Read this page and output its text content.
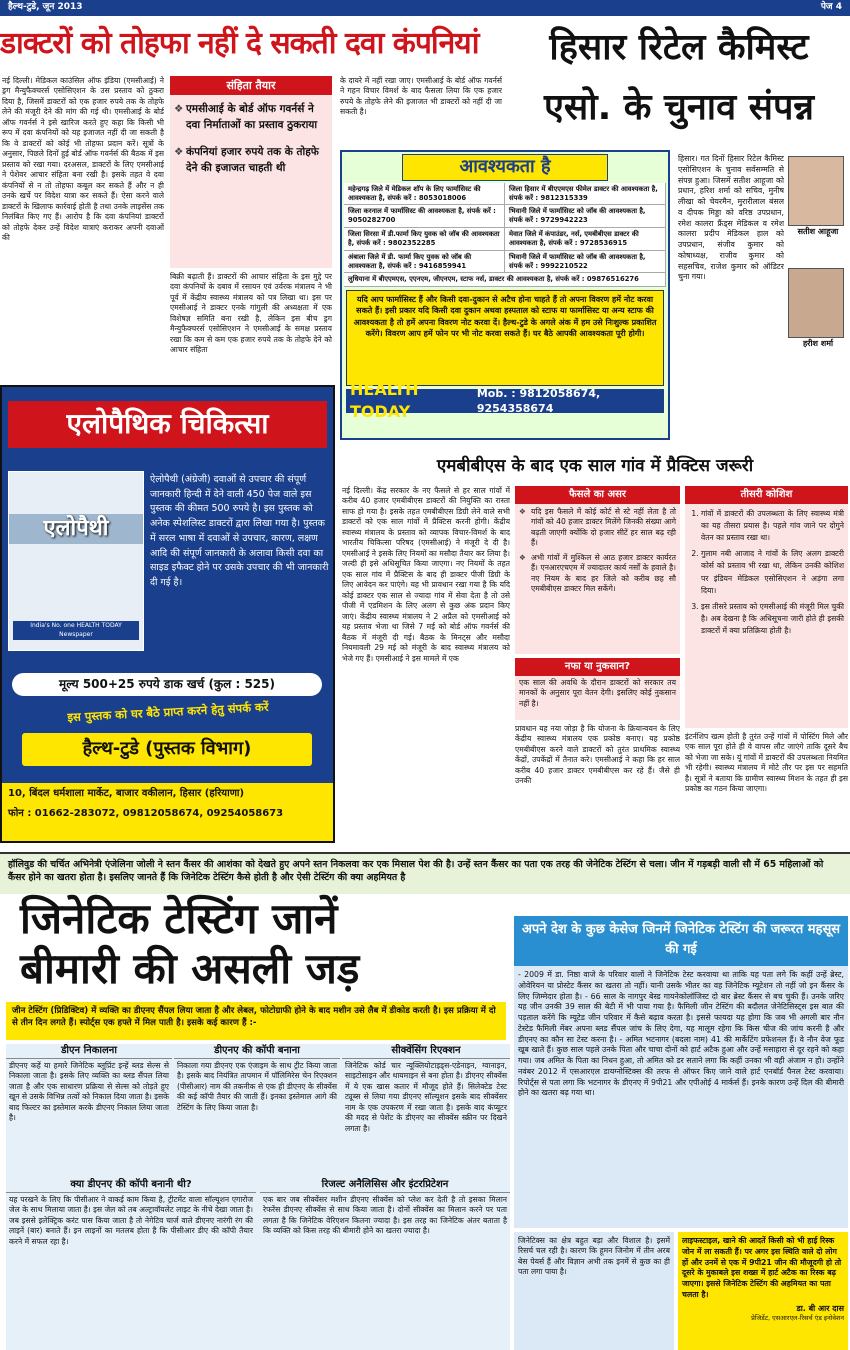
हैल्थ-टुडे, जून 2013	पेज 4
डाक्टरों को तोहफा नहीं दे सकती दवा कंपनियां
नई दिल्ली। मेडिकल काउंसिल ऑफ इंडिया (एमसीआई) ने ड्रग मैन्युफैक्चरर्स एसोसिएशन के उस प्रस्ताव को ठुकरा दिया है, जिसमें डाक्टरों को एक हजार रुपये तक के तोहफे लेने की मंजूरी देने की मांग की गई थी। एमसीआई के बोर्ड ऑफ गवर्नर्स ने इसे खारिज करते हुए कहा कि किसी भी रूप में दवा कंपनियों को यह इजाजत नहीं दी जा सकती है कि वे डाक्टरों को कोई भी तोहफा प्रदान करें। सूत्रों के अनुसार, पिछले दिनों हुई बोर्ड ऑफ गवर्नर्स की बैठक में इस प्रस्ताव को रखा गया। दरअसल, डाक्टरों के लिए एमसीआई ने पेशेवर आचार संहिता बना रखी है। इसके तहत वे दवा कंपनियों से न तो तोहफा कबूल कर सकते हैं और न ही उनके खर्चे पर विदेश यात्रा कर सकते हैं। ऐसा करने वाले डाक्टरों के खिलाफ कार्रवाई होती है तथा उनके लाइसेंस तक निलंबित किए गए हैं। आरोप है कि दवा कंपनियां डाक्टरों को तोहफे देकर उन्हें विदेश यात्राएं कराकर अपनी दवाओं की
संहिता तैयार
❖ एमसीआई के बोर्ड ऑफ गवर्नर्स ने दवा निर्माताओं का प्रस्ताव ठुकराया
❖ कंपनियां हजार रुपये तक के तोहफे देने की इजाजत चाहती थी
बिक्री बढ़ाती हैं। डाक्टरों की आचार संहिता के इस मुद्दे पर दवा कंपनियों के दबाव में रसायन एवं उर्वरक मंत्रालय ने भी पूर्व में केंद्रीय स्वास्थ्य मंत्रालय को पत्र लिखा था। इस पर एमसीआई ने डाक्टर एनके गांगुली की अध्यक्षता में एक विशेषज्ञ समिति बना रखी है, लेकिन इस बीच ड्रग मैन्युफैक्चरर्स एसोसिएशन ने एमसीआई के समक्ष प्रस्ताव रखा कि कम से कम एक हजार रुपये तक के तोहफे देने को आचार संहिता
के दायरे में नहीं रखा जाए। एमसीआई के बोर्ड ऑफ गवर्नर्स ने गहन विचार विमर्श के बाद फैसला लिया कि एक हजार रुपये के तोहफे लेने की इजाजत भी डाक्टरों को नहीं दी जा सकती है।
आवश्यकता है
महेन्द्रगढ़ जिले में मेडिकल शॉप के लिए फार्मासिस्ट की आवश्यकता है, संपर्क करें : 8053018006
जिला हिसार में बीएएमएस फीमेल डाक्टर की आवश्यकता है, संपर्क करें : 9812315339
जिला करनाल में फार्मासिस्ट की आवश्यकता है, संपर्क करें : 9050282700
भिवानी जिले में फार्मासिस्ट को जॉब की आवश्यकता है, संपर्क करें : 9729942223
जिला सिरसा में डी.फार्मा किए युवक को जॉब की आवश्यकता है, संपर्क करें : 9802352285
मेवात जिले में कंपाउंडर, नर्स, एमबीबीएस डाक्टर की आवश्यकता है, संपर्क करें : 9728536915
अंबाला जिले में डी. फार्मा किए युवक को जॉब की आवश्यकता है, संपर्क करें : 9416859941
भिवानी जिले में फार्मासिस्ट को जॉब की आवश्यकता है, संपर्क करें : 9992210522
लुधियाना में बीएएमएस, एएनएम, जीएनएम, स्टाफ नर्स, डाक्टर की आवश्यकता है, संपर्क करें : 09876516276
यदि आप फार्मासिस्ट हैं और किसी दवा-दुकान से अटैच होना चाहते हैं तो अपना विवरण हमें नोट करवा सकते हैं। इसी प्रकार यदि किसी दवा दुकान अथवा हस्पताल को स्टाफ या फार्मासिस्ट या अन्य स्टाफ की आवश्यकता है तो हमें अपना विवरण नोट करवा दें। हैल्थ-टुडे के अगले अंक में हम उसे निःशुल्क प्रकाशित करेंगे। विवरण आप हमें फोन पर भी नोट करवा सकते हैं। घर बैठे आपकी आवश्यकता पूरी होगी।
HEALTH TODAY
Mob. : 9812058674, 9254358674
हिसार रिटेल कैमिस्ट
एसो. के चुनाव संपन्न
हिसार। गत दिनों हिसार रिटेल कैमिस्ट एसोसिएशन के चुनाव सर्वसम्मति से संपन्न हुआ। जिसमें सतीश आहूजा को प्रधान, हरिश शर्मा को सचिव, मुनीष लीखा को चेयरमैन, मुरारीलाल बंसल व दीपक मिड्डा को वरिष्ठ उपप्रधान, रमेश कालरा फ्रैंड्स मेडिकल व रमेश कालरा प्रदीप मेडिकल हाल को उपप्रधान, संजीव कुमार को कोषाध्यक्ष, राजीव कुमार को सहसचिव, राजेश कुमार को ऑडिटर चुना गया।
सतीश आहूजा
हरीश शर्मा
एलोपैथिक चिकित्सा
एलोपैथी
India's No. one HEALTH TODAY Newspaper
ऐलोपैथी (अंग्रेजी) दवाओं से उपचार की संपूर्ण जानकारी हिन्दी में देने वाली 450 पेज वाले इस पुस्तक की कीमत 500 रुपये है। इस पुस्तक को अनेक स्पेशलिस्ट डाक्टरों द्वारा लिखा गया है। पुस्तक में सरल भाषा में दवाओं से उपचार, कारण, लक्षण आदि की संपूर्ण जानकारी के अलावा किसी दवा का साइड इफैक्ट होने पर उसके उपचार की भी जानकारी दी गई है।
मूल्य 500+25 रुपये डाक खर्च (कुल : 525)
इस पुस्तक को घर बैठे प्राप्त करने हेतु संपर्क करें
हैल्थ-टुडे (पुस्तक विभाग)
10, बिंदल धर्मशाला मार्केट, बाजार वकीलान, हिसार (हरियाणा)
फोन : 01662-283072, 09812058674, 09254058673
एमबीबीएस के बाद एक साल गांव में प्रैक्टिस जरूरी
नई दिल्ली। केंद्र सरकार के नए फैसले से हर साल गांवों में करीब 40 हजार एमबीबीएस डाक्टरों की नियुक्ति का रास्ता साफ हो गया है। इसके तहत एमबीबीएस डिग्री लेने वाले सभी डाक्टरों को एक साल गांवों में प्रैक्टिस करनी होगी। केंद्रीय स्वास्थ्य मंत्रालय के प्रस्ताव को व्यापक विचार-विमर्श के बाद भारतीय चिकित्सा परिषद (एमसीआई) ने मंजूरी दे दी है। एमसीआई ने इसके लिए नियमों का मसौदा तैयार कर लिया है। जल्दी ही इसे अधिसूचित किया जाएगा। नए नियमों के तहत एक साल गांव में प्रैक्टिस के बाद ही डाक्टर पीजी डिग्री के लिए आवेदन कर पाएंगे। यह भी प्रावधान रखा गया है कि यदि कोई डाक्टर एक साल से ज्यादा गांव में सेवा देता है तो उसे पीजी में एडमिशन के लिए अलग से कुछ अंक प्रदान किए जाएं। केंद्रीय स्वास्थ्य मंत्रालय ने 2 अप्रैल को एमसीआई को यह प्रस्ताव भेजा था जिसे 7 मई को बोर्ड ऑफ गवर्नर्स की बैठक में मंजूरी दी गई। बैठक के मिनट्स और मसौदा नियमावली 29 मई को मंजूरी के बाद स्वास्थ्य मंत्रालय को भेजे गए हैं। एमसीआई ने इस मामले में एक
फैसले का असर
❖ यदि इस फैसले में कोई कोर्ट से स्टे नहीं लेता है तो गांवों को 40 हजार डाक्टर मिलेंगे जिनकी संख्या आगे बढ़ती जाएगी क्योंकि दो हजार सीटें हर साल बढ़ रही हैं।
❖ अभी गांवों में मुश्किल से आठ हजार डाक्टर कार्यरत हैं। एनआरएचएम में ज्यादातर कार्य नर्सों के हवाले है। नए नियम के बाद हर जिले को करीब छह सौ एमबीबीएस डाक्टर मिल सकेंगे।
नफा या नुकसान?
एक साल की अवधि के दौरान डाक्टरों को सरकार तय मानकों के अनुसार पूरा वेतन देगी। इसलिए कोई नुकसान नहीं है।
प्रावधान यह नया जोड़ा है कि योजना के क्रियान्वयन के लिए केंद्रीय स्वास्थ्य मंत्रालय एक प्रकोष्ठ बनाए। यह प्रकोष्ठ एमबीबीएस करने वाले डाक्टरों को तुरंत प्राथमिक स्वास्थ्य केंद्रों, उपकेंद्रों में तैनात करे। एमसीआई ने कहा कि हर साल करीब 40 हजार डाक्टर एमबीबीएस कर रहे हैं। जैसे ही उनकी
तीसरी कोशिश
1. गांवों में डाक्टरों की उपलब्धता के लिए स्वास्थ्य मंत्री का यह तीसरा प्रयास है। पहले गांव जाने पर दोगुने वेतन का प्रस्ताव रखा था।
2. गुलाम नबी आजाद ने गांवों के लिए अलग डाक्टरी कोर्स को प्रस्ताव भी रखा था, लेकिन उनकी कोशिश पर इंडियन मेडिकल एसोसिएशन ने अड़ंगा लगा दिया।
3. इस तीसरे प्रस्ताव को एमसीआई की मंजूरी मिल चुकी है। अब देखना है कि अधिसूचना जारी होते ही इसकी डाक्टरों में क्या प्रतिक्रिया होती है।
इंटर्नशिप खत्म होती है तुरंत उन्हें गांवों में पोस्टिंग मिले और एक साल पूरा होते ही वे वापस लौट जाएंगे ताकि दूसरे बैच को भेजा जा सके। यूं गांवों में डाक्टरों की उपलब्धता नियमित भी रहेगी। स्वास्थ्य मंत्रालय में मोटे तौर पर इस पर सहमति है। सूत्रों ने बताया कि ग्रामीण स्वास्थ्य मिशन के तहत ही इस प्रकोष्ठ का गठन किया जाएगा।
हॉलिवुड की चर्चित अभिनेत्री एंजेलिना जोली ने स्तन कैंसर की आशंका को देखते हुए अपने स्तन निकलवा कर एक मिसाल पेश की है। उन्हें स्तन कैंसर का पता एक तरह की जेनेटिक टेस्टिंग से चला। जीन में गड़बड़ी वाली सौ में 65 महिलाओं को कैंसर होने का खतरा होता है। इसलिए जानते हैं कि जिनेटिक टेस्टिंग कैसे होती है और ऐसी टेस्टिंग की क्या अहमियत है
जिनेटिक टेस्टिंग जानें
बीमारी की असली जड़
जीन टेस्टिंग (प्रिडिक्टिव) में व्यक्ति का डीएनए सैंपल लिया जाता है और लेबल, फोटोग्राफी होने के बाद मशीन उसे लैब में डीकोड करती है। इस प्रक्रिया में दो से तीन दिन लगते हैं। स्पोर्ट्स एक हफ्ते में मिल पाती है। इसके कई कारण हैं :-
डीएन निकालना
डीएनए कहें या हमारे जिनेटिक ब्लूप्रिंट इन्हें ब्लड सेल्स से निकाला जाता है। इसके लिए व्यक्ति का ब्लड सैंपल लिया जाता है और एक साधारण प्रक्रिया से सेल्स को तोड़ते हुए खून से उसके विभिन्न तत्वों को निकाल दिया जाता है। इसके बाद फिल्टर का इस्तेमाल करके डीएनए निकाल लिया जाता है।
डीएनए की कॉपी बनाना
निकाला गया डीएनए एक एंजाइम के साथ ट्रीट किया जाता है। इसके बाद नियंत्रित तापमान में पॉलिमिरेस चेन रिएक्शन (पीसीआर) नाम की तकनीक से एक ही डीएनए के सीक्वेंस की कई कॉपी तैयार की जाती हैं। इनका इस्तेमाल आगे की टेस्टिंग के लिए किया जाता है।
सीक्वेंसिंग रिएक्शन
जिनेटिक कोर्ड चार न्यूक्लियोटाइड्स-एडेनाइन, ग्वानाइन, साइटोसाइन और थायमाइन से बना होता है। डीएनए सीक्वेंस में ये एक खास कतार में मौजूद होते हैं। सिलेक्टेड टेस्ट ट्यूब्स से लिया गया डीएनए सॉल्यूशन इसके बाद सीक्वेंसर नाम के एक उपकरण में रखा जाता है। इसके बाद कंप्यूटर की मदद से पेशेंट के डीएनए का सीक्वेंस स्क्रीन पर दिखने लगता है।
क्या डीएनए की कॉपी बनानी थी?
यह परखने के लिए कि पीसीआर ने वाकई काम किया है, ट्रीटमेंट वाला सॉल्यूशन एगारोज जेल के साथ मिलाया जाता है। इस जेल को तब अल्ट्रावॉयलेट लाइट के नीचे देखा जाता है। जब इससे इलेक्ट्रिक करंट पास किया जाता है तो नेगेटिव चार्ज वाले डीएनए नारंगी रंग की लाइनें (बार) बनाते हैं। इन लाइनों का मतलब होता है कि पीसीआर डीए की कॉपी तैयार करने में सफल रहा है।
रिजल्ट अनैलिसिस और इंटरप्रिटेशन
एक बार जब सीक्वेंसर मशीन डीएनए सीक्वेंस को प्लेश कर देती है तो इसका मिलान रेफरेंस डीएनए सीक्वेंस से साथ किया जाता है। दोनों सीक्वेंस का मिलान करने पर पता लगता है कि जिनेटिक वेरिएशन कितना ज्यादा है। इस तरह का जिनेटिक अंतर बताता है कि व्यक्ति को किस तरह की बीमारी होने का खतरा ज्यादा है।
अपने देश के कुछ केसेज जिनमें जिनेटिक टेस्टिंग की जरूरत महसूस की गई
- 2009 में डा. निष्ठा वाजे के परिवार वालों ने जिनेटिक टेस्ट करवाया था ताकि यह पता लगे कि कहीं उन्हें ब्रेस्ट, ओवेरियन या प्रोस्टेट कैंसर का खतरा तो नहीं। यानी उसके भीतर का वह जिनेटिक म्यूटेशन तो नहीं जो इन कैंसर के लिए जिम्मेदार होता है। - 66 साल के नागपुर बेस्ड गायनेकोलॉजिस्ट दो बार ब्रेस्ट कैंसर से बच चुकी हैं। उनके जरिए यह जीन उनकी 39 साल की बेटी में भी पाया गया है। फैमिली जीन टेस्टिंग की बदौलत जेनेटिसिस्ट्स इस बात की पड़ताल करेंगे कि म्यूटेड जीन परिवार में कैसे बढ़ाव करता है। इससे फायदा यह होगा कि जब भी अगली बार नौन टेस्टेड फैमिली मेंबर अपना ब्लड सैंपल जांच के लिए देगा, यह मालूम रहेगा कि किस चीज की जांच करनी है और डीएनए का कौन सा टेस्ट करना है। - अमित भटनागर (बदला नाम) 41 की मार्केटिंग प्रफेशनल हैं। वे नौन वेज फूड खूब खाते हैं। कुछ साल पहले उनके पिता और चाचा दोनों को हार्ट अटैक हुआ और उन्हें मसाहारा से दूर रहने को कहा गया। जब अमित के पिता का निधन हुआ, तो अमित को डर सताने लगा कि कहीं उनका भी वही अंजाम न हो। उन्होंने नवंबर 2012 में एसआरएल डायग्नोस्टिक्स की तरफ से ऑफर किए जाने वाले हार्ट एनबॉर्ड पैनल टेस्ट करवाया। रिपोर्ट्स से पता लगा कि भटनागर के डीएनए में 9पी21 और एपीओई 4 मार्कर्स हैं। इनके कारण उन्हें दिल की बीमारी होने का खतरा बढ़ गया था।
जिनेटिक्स का क्षेत्र बहुत बड़ा और विशाल है। इसमें रिसर्च चल रही है। कारण कि हूमन जिनोम में तीन अरब बेस पेयर्स हैं और विज्ञान अभी तक इनमें से कुछ का ही पता लगा पाया है।
लाइफस्टाइल, खाने की आदतें किसी को भी हाई रिस्क जोन में ला सकती हैं। पर अगर इस स्थिति वाले दो लोग हों और उनमें से एक में 9पी21 जीन की मौजूदगी हो तो दूसरे के मुकाबले इस शख्स में हार्ट अटैक का रिस्क बढ़ जाएगा। इससे जिनेटिक टेस्टिंग की अहमियत का पता चलता है।
डा. बी आर दास
प्रेजिडेंट, एसआरएल-रिसर्च एंड इनोवेशन
